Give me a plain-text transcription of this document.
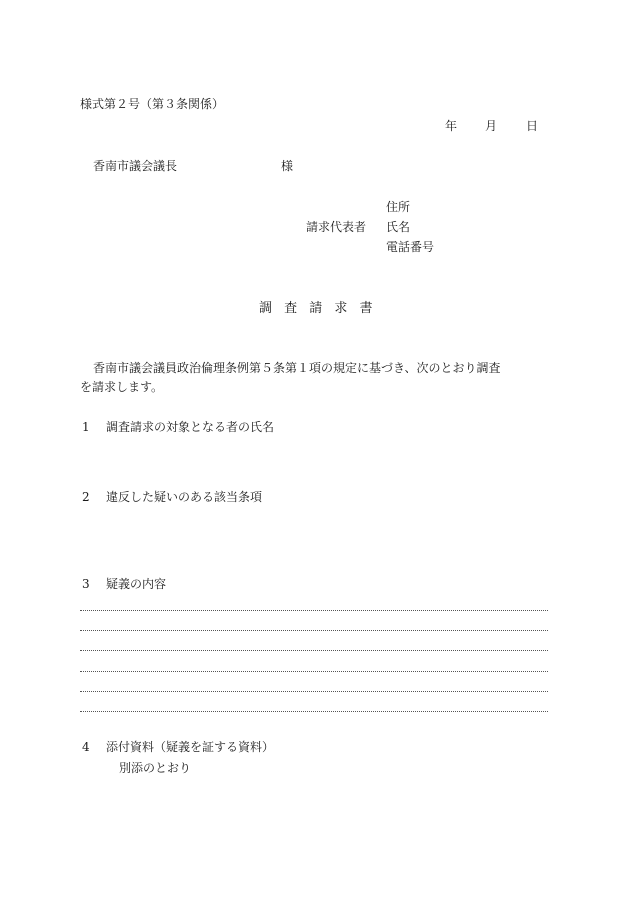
様式第２号（第３条関係）
年 月 日
香南市議会議長	様
住所
請求代表者 氏名
電話番号
調 査 請 求 書
香南市議会議員政治倫理条例第５条第１項の規定に基づき、次のとおり調査
を請求します。
1 調査請求の対象となる者の氏名
2 違反した疑いのある該当条項
3 疑義の内容
4 添付資料（疑義を証する資料）
別添のとおり
